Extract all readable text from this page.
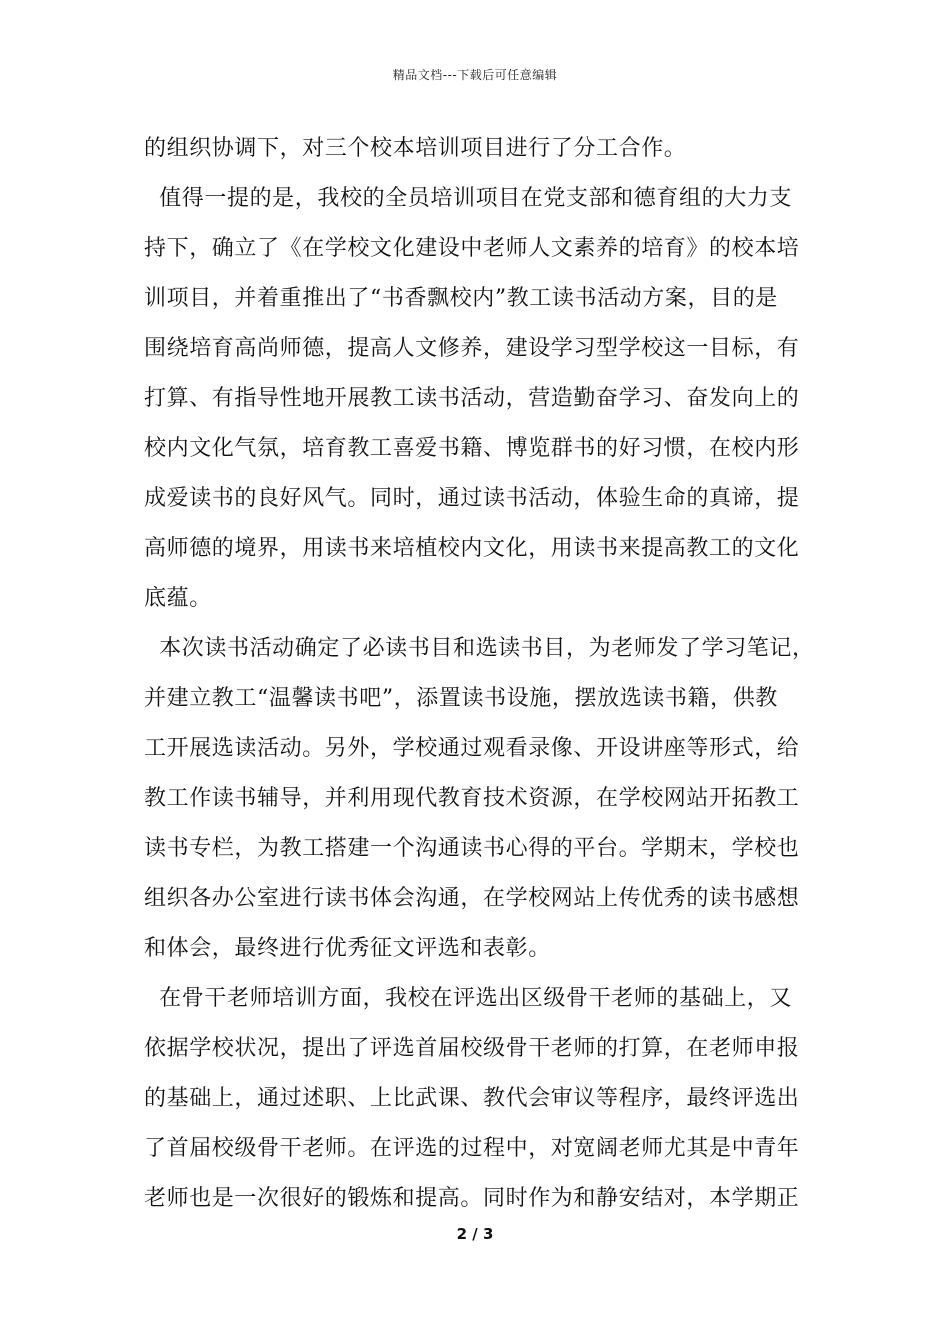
精品文档---下载后可任意编辑
的组织协调下，对三个校本培训项目进行了分工合作。
值得一提的是，我校的全员培训项目在党支部和德育组的大力支
持下，确立了《在学校文化建设中老师人文素养的培育》的校本培
训项目，并着重推出了“书香飘校内”教工读书活动方案，目的是
围绕培育高尚师德，提高人文修养，建设学习型学校这一目标，有
打算、有指导性地开展教工读书活动，营造勤奋学习、奋发向上的
校内文化气氛，培育教工喜爱书籍、博览群书的好习惯，在校内形
成爱读书的良好风气。同时，通过读书活动，体验生命的真谛，提
高师德的境界，用读书来培植校内文化，用读书来提高教工的文化
底蕴。
本次读书活动确定了必读书目和选读书目，为老师发了学习笔记，
并建立教工“温馨读书吧”，添置读书设施，摆放选读书籍，供教
工开展选读活动。另外，学校通过观看录像、开设讲座等形式，给
教工作读书辅导，并利用现代教育技术资源，在学校网站开拓教工
读书专栏，为教工搭建一个沟通读书心得的平台。学期末，学校也
组织各办公室进行读书体会沟通，在学校网站上传优秀的读书感想
和体会，最终进行优秀征文评选和表彰。
在骨干老师培训方面，我校在评选出区级骨干老师的基础上，又
依据学校状况，提出了评选首届校级骨干老师的打算，在老师申报
的基础上，通过述职、上比武课、教代会审议等程序，最终评选出
了首届校级骨干老师。在评选的过程中，对宽阔老师尤其是中青年
老师也是一次很好的锻炼和提高。同时作为和静安结对，本学期正
2 / 3
